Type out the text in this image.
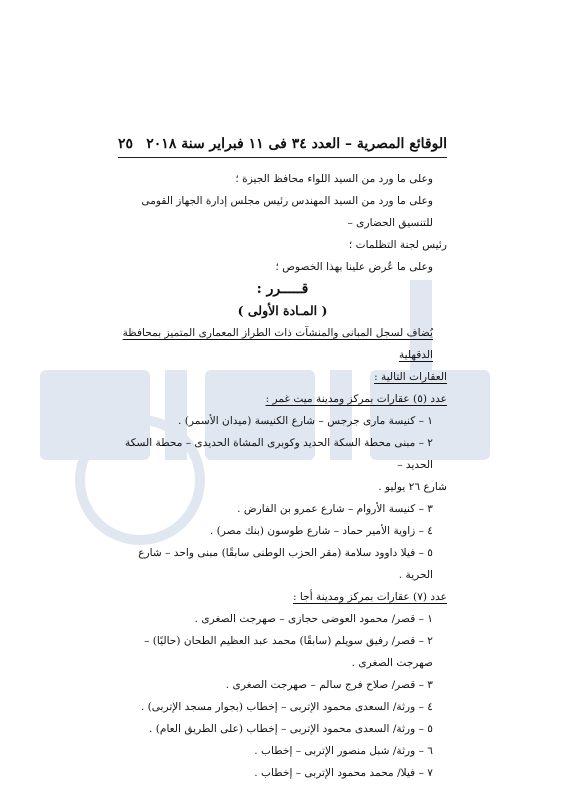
الوقائع المصرية – العدد ٣٤ فى ١١ فبراير سنة ٢٠١٨
٢٥

وعلى ما ورد من السيد اللواء محافظ الجيزة ؛

وعلى ما ورد من السيد المهندس رئيس مجلس إدارة الجهاز القومى للتنسيق الحضارى –

رئيس لجنة التظلمات ؛

وعلى ما عُرض علينا بهذا الخصوص ؛

قـــــرر :

( المـادة الأولى )

يُضاف لسجل المبانى والمنشآت ذات الطراز المعمارى المتميز بمحافظة الدقهلية

العقارات التالية :

عدد (٥) عقارات بمركز ومدينة ميت غمر :

١ – كنيسة مارى جرجس – شارع الكنيسة (ميدان الأسمر) .
٢ – مبنى محطة السكة الحديد وكوبرى المشاة الحديدى – محطة السكة الحديد –
شارع ٢٦ يوليو .
٣ – كنيسة الأروام – شارع عمرو بن الفارض .
٤ – زاوية الأمير حماد – شارع طوسون (بنك مصر) .
٥ – فيلا داوود سلامة (مقر الحزب الوطنى سابقًا) مبنى واحد – شارع الحرية .

عدد (٧) عقارات بمركز ومدينة أجا :

١ – قصر/ محمود العوضى حجازى – صهرجت الصغرى .
٢ – قصر/ رفيق سويلم (سابقًا) محمد عبد العظيم الطحان (حاليًا) – صهرجت الصغرى .
٣ – قصر/ صلاح فرج سالم – صهرجت الصغرى .
٤ – ورثة/ السعدى محمود الإتربى – إخطاب (بجوار مسجد الإتربى) .
٥ – ورثة/ السعدى محمود الإتربى – إخطاب (على الطريق العام) .
٦ – ورثة/ شبل منصور الإتربى – إخطاب .
٧ – فيلا/ محمد محمود الإتربى – إخطاب .
